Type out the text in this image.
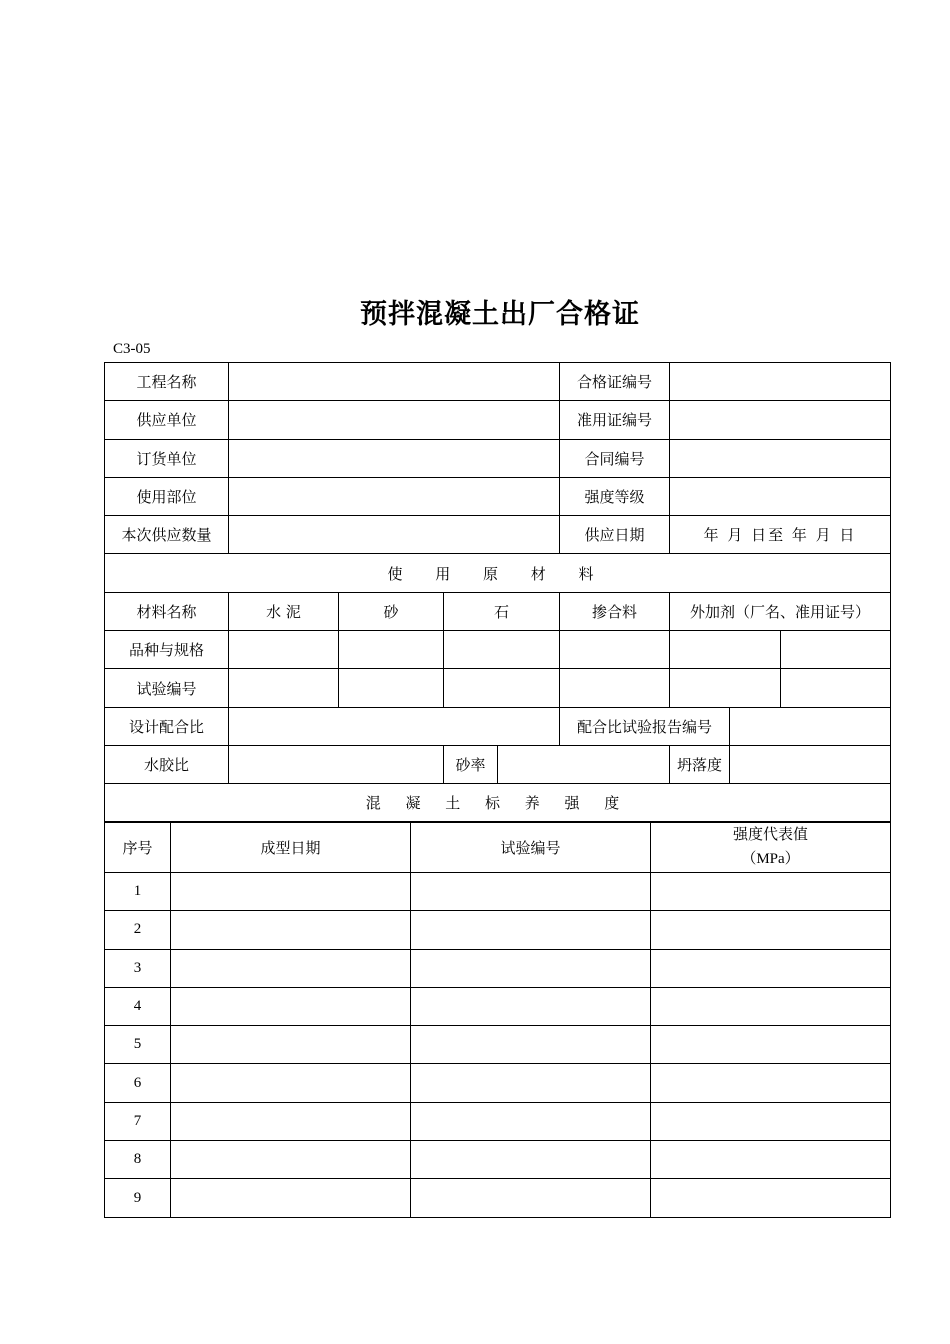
预拌混凝土出厂合格证
C3-05
工程名称					合格证编号			
供应单位					准用证编号			
订货单位					合同编号			
使用部位					强度等级			
本次供应数量					供应日期	年 月 日至 年 月 日		
使 用 原 材 料								
材料名称	水 泥	砂	石		掺合料	外加剂（厂名、准用证号）		
品种与规格								
试验编号								
设计配合比					配合比试验报告编号			
水胶比			砂率			坍落度		
混 凝 土 标 养 强 度								
序号	成型日期	试验编号	强度代表值
（MPa）

1			
2			
3			
4			
5			
6			
7			
8			
9			
